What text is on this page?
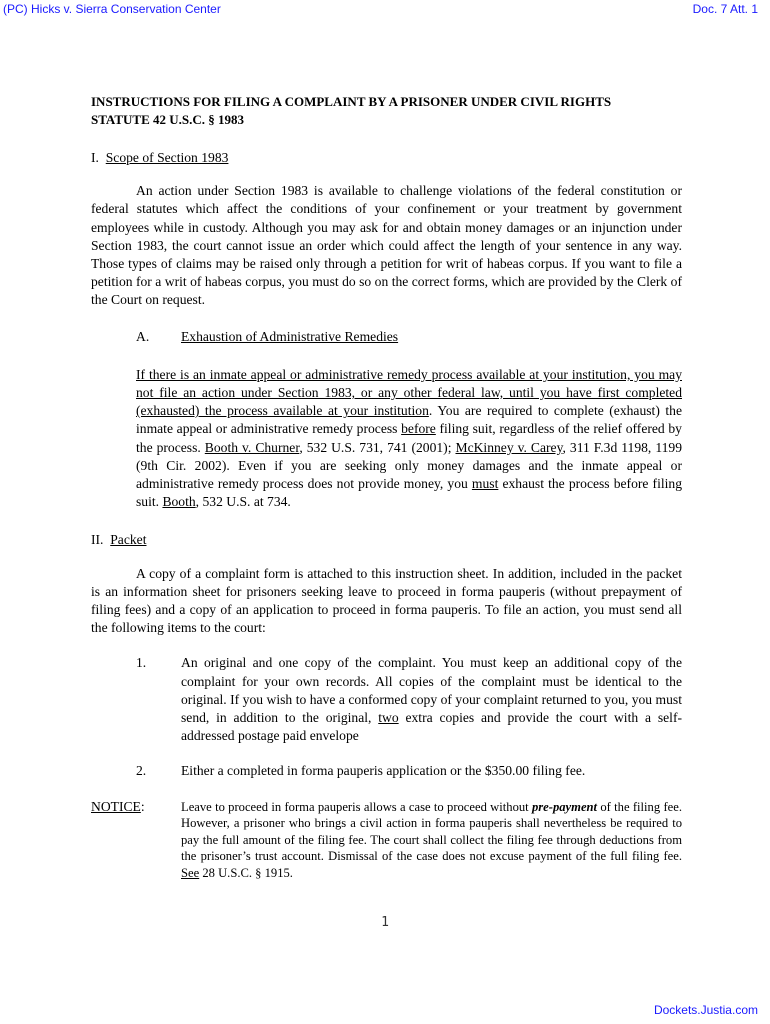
(PC) Hicks v. Sierra Conservation Center	Doc. 7 Att. 1

INSTRUCTIONS FOR FILING A COMPLAINT BY A PRISONER UNDER CIVIL RIGHTS
STATUTE 42 U.S.C. § 1983

I. Scope of Section 1983

An action under Section 1983 is available to challenge violations of the federal constitution or federal statutes which affect the conditions of your confinement or your treatment by government employees while in custody. Although you may ask for and obtain money damages or an injunction under Section 1983, the court cannot issue an order which could affect the length of your sentence in any way. Those types of claims may be raised only through a petition for writ of habeas corpus. If you want to file a petition for a writ of habeas corpus, you must do so on the correct forms, which are provided by the Clerk of the Court on request.

A. Exhaustion of Administrative Remedies

If there is an inmate appeal or administrative remedy process available at your institution, you may not file an action under Section 1983, or any other federal law, until you have first completed (exhausted) the process available at your institution. You are required to complete (exhaust) the inmate appeal or administrative remedy process before filing suit, regardless of the relief offered by the process. Booth v. Churner, 532 U.S. 731, 741 (2001); McKinney v. Carey, 311 F.3d 1198, 1199 (9th Cir. 2002). Even if you are seeking only money damages and the inmate appeal or administrative remedy process does not provide money, you must exhaust the process before filing suit. Booth, 532 U.S. at 734.

II. Packet

A copy of a complaint form is attached to this instruction sheet. In addition, included in the packet is an information sheet for prisoners seeking leave to proceed in forma pauperis (without prepayment of filing fees) and a copy of an application to proceed in forma pauperis. To file an action, you must send all the following items to the court:

1.	An original and one copy of the complaint. You must keep an additional copy of the complaint for your own records. All copies of the complaint must be identical to the original. If you wish to have a conformed copy of your complaint returned to you, you must send, in addition to the original, two extra copies and provide the court with a self-addressed postage paid envelope
2.	Either a completed in forma pauperis application or the $350.00 filing fee.
NOTICE:	Leave to proceed in forma pauperis allows a case to proceed without pre-payment of the filing fee. However, a prisoner who brings a civil action in forma pauperis shall nevertheless be required to pay the full amount of the filing fee. The court shall collect the filing fee through deductions from the prisoner’s trust account. Dismissal of the case does not excuse payment of the full filing fee. See 28 U.S.C. § 1915.
1
Dockets.Justia.com
